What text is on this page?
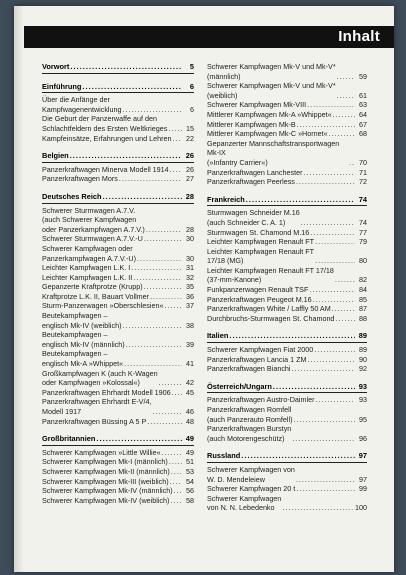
Inhalt
Vorwort . . .	5
Einführung . . .	6
Über die Anfänge der
Kampfwagenentwicklung . . .	6
Die Geburt der Panzerwaffe auf den
Schlachtfeldern des Ersten Weltkrieges . . .	15
Kampfeinsätze, Erfahrungen und Lehren . . .	22
Belgien . . .	26
Panzerkraftwagen Minerva Modell 1914 . . .	26
Panzerkraftwagen Mors . . .	27
Deutsches Reich . . .	28
Schwerer Sturmwagen A.7.V.
(auch Schwerer Kampfwagen
oder Panzerkampfwagen A.7.V.) . . .	28
Schwerer Sturmwagen A.7.V.-U . . .	30
Schwerer Kampfwagen oder
Panzerkampfwagen A.7.V.-U) . . .	30
Leichter Kampfwagen L.K. I . . .	31
Leichter Kampfwagen L.K. II . . .	32
Gepanzerte Kraftprotze (Krupp) . . .	35
Kraftprotze L.K. II, Bauart Vollmer . . .	36
Sturm-Panzerwagen »Oberschlesien« . . .	37
Beutekampfwagen –
englisch Mk-IV (weiblich) . . .	38
Beutekampfwagen –
englisch Mk-IV (männlich) . . .	39
Beutekampfwagen –
englisch Mk-A »Whippet« . . .	41
Großkampfwagen K (auch K-Wagen
oder Kampfwagen »Kolossal«) . . .	42
Panzerkraftwagen Ehrhardt Modell 1906 . . .	45
Panzerkraftwagen Ehrhardt E-V/4,
Modell 1917 . . .	46
Panzerkraftwagen Büssing A 5 P . . .	48
Großbritannien . . .	49
Schwerer Kampfwagen »Little Willie« . . .	49
Schwerer Kampfwagen Mk-I (männlich) . . .	51
Schwerer Kampfwagen Mk-II (männlich) . . .	53
Schwerer Kampfwagen Mk-III (weiblich) . . .	54
Schwerer Kampfwagen Mk-IV (männlich) . . .	56
Schwerer Kampfwagen Mk-IV (weiblich) . . .	58
Schwerer Kampfwagen Mk-V und Mk-V*
(männlich) . . .	59
Schwerer Kampfwagen Mk-V und Mk-V*
(weiblich) . . .	61
Schwerer Kampfwagen Mk-VIII . . .	63
Mittlerer Kampfwagen Mk-A »Whippet« . . .	64
Mittlerer Kampfwagen Mk-B . . .	67
Mittlerer Kampfwagen Mk-C »Hornet« . . .	68
Gepanzerter Mannschaftstransportwagen Mk-IX
(»Infantry Carrier«) . . .	70
Panzerkraftwagen Lanchester . . .	71
Panzerkraftwagen Peerless . . .	72
Frankreich . . .	74
Sturmwagen Schneider M.16
(auch Schneider C. A. 1) . . .	74
Sturmwagen St. Chamond M.16 . . .	77
Leichter Kampfwagen Renault FT . . .	79
Leichter Kampfwagen Renault FT
17/18 (MG) . . .	80
Leichter Kampfwagen Renault FT 17/18
(37-mm-Kanone) . . .	82
Funkpanzerwagen Renault TSF . . .	84
Panzerkraftwagen Peugeot M.16 . . .	85
Panzerkraftwagen White / Laffly 50 AM . . .	87
Durchbruchs-Sturmwagen St. Chamond . . .	88
Italien . . .	89
Schwerer Kampfwagen Fiat 2000 . . .	89
Panzerkraftwagen Lancia 1 ZM . . .	90
Panzerkraftwagen Bianchi . . .	92
Österreich/Ungarn . . .	93
Panzerkraftwagen Austro-Daimler . . .	93
Panzerkraftwagen Romfell
(auch Panzerauto Romfell) . . .	95
Panzerkraftwagen Burstyn
(auch Motorengeschütz) . . .	96
Russland . . .	97
Schwerer Kampfwagen von
W. D. Mendeleiew . . .	97
Schwerer Kampfwagen 20 t . . .	99
Schwerer Kampfwagen
von N. N. Lebedenko . . .	100
